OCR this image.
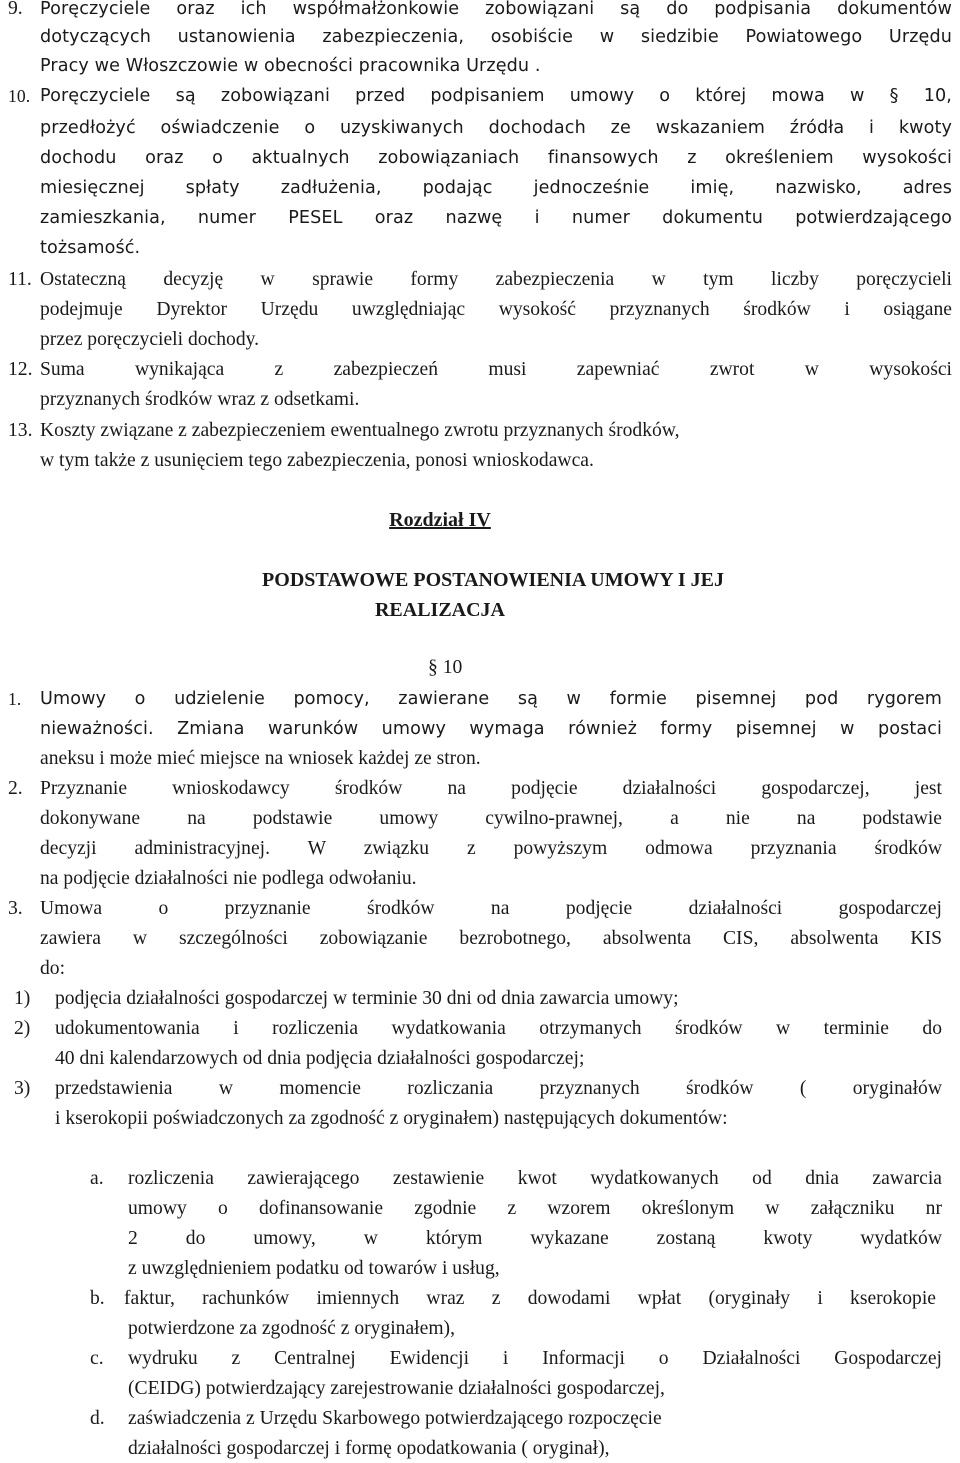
9. Poręczyciele oraz ich współmałżonkowie zobowiązani są do podpisania dokumentów
dotyczących ustanowienia zabezpieczenia, osobiście w siedzibie Powiatowego Urzędu
Pracy we Włoszczowie w obecności pracownika Urzędu .
10. Poręczyciele są zobowiązani przed podpisaniem umowy o której mowa w § 10,
przedłożyć oświadczenie o uzyskiwanych dochodach ze wskazaniem źródła i kwoty
dochodu oraz o aktualnych zobowiązaniach finansowych z określeniem wysokości
miesięcznej spłaty zadłużenia, podając jednocześnie imię, nazwisko, adres
zamieszkania, numer PESEL oraz nazwę i numer dokumentu potwierdzającego
tożsamość.
11. Ostateczną decyzję w sprawie formy zabezpieczenia w tym liczby poręczycieli
podejmuje Dyrektor Urzędu uwzględniając wysokość przyznanych środków i osiągane
przez poręczycieli dochody.
12. Suma wynikająca z zabezpieczeń musi zapewniać zwrot w wysokości
przyznanych środków wraz z odsetkami.
13. Koszty związane z zabezpieczeniem ewentualnego zwrotu przyznanych środków,
w tym także z usunięciem tego zabezpieczenia, ponosi wnioskodawca.
Rozdział IV
PODSTAWOWE POSTANOWIENIA UMOWY I JEJ
REALIZACJA
§ 10
1. Umowy o udzielenie pomocy, zawierane są w formie pisemnej pod rygorem
nieważności. Zmiana warunków umowy wymaga również formy pisemnej w postaci
aneksu i może mieć miejsce na wniosek każdej ze stron.
2. Przyznanie wnioskodawcy środków na podjęcie działalności gospodarczej, jest
dokonywane na podstawie umowy cywilno-prawnej, a nie na podstawie
decyzji administracyjnej. W związku z powyższym odmowa przyznania środków
na podjęcie działalności nie podlega odwołaniu.
3. Umowa o przyznanie środków na podjęcie działalności gospodarczej
zawiera w szczególności zobowiązanie bezrobotnego, absolwenta CIS, absolwenta KIS
do:
1) podjęcia działalności gospodarczej w terminie 30 dni od dnia zawarcia umowy;
2) udokumentowania i rozliczenia wydatkowania otrzymanych środków w terminie do
40 dni kalendarzowych od dnia podjęcia działalności gospodarczej;
3) przedstawienia w momencie rozliczania przyznanych środków ( oryginałów
i kserokopii poświadczonych za zgodność z oryginałem) następujących dokumentów:
a. rozliczenia zawierającego zestawienie kwot wydatkowanych od dnia zawarcia
umowy o dofinansowanie zgodnie z wzorem określonym w załączniku nr
2 do umowy, w którym wykazane zostaną kwoty wydatków
z uwzględnieniem podatku od towarów i usług,
b. faktur, rachunków imiennych wraz z dowodami wpłat (oryginały i kserokopie
potwierdzone za zgodność z oryginałem),
c. wydruku z Centralnej Ewidencji i Informacji o Działalności Gospodarczej
(CEIDG) potwierdzający zarejestrowanie działalności gospodarczej,
d. zaświadczenia z Urzędu Skarbowego potwierdzającego rozpoczęcie
działalności gospodarczej i formę opodatkowania ( oryginał),
